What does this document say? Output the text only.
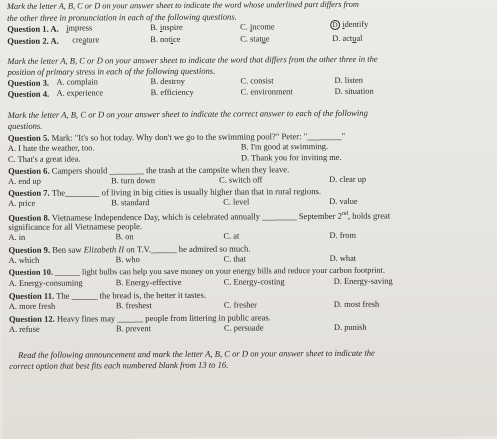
Mark the letter A, B, C or D on your answer sheet to indicate the word whose underlined part differs from
the other three in pronunciation in each of the following questions.
Question 1. A. impress	B. inspire	C. income	D identify
Question 2. A. creature	B. notice	C. statue	D. actual
Mark the letter A, B, C or D on your answer sheet to indicate the word that differs from the other three in the
position of primary stress in each of the following questions.
Question 3. A. complain	B. destroy	C. consist	D. listen
Question 4. A. experience	B. efficiency	C. environment	D. situation
Mark the letter A, B, C or D on your answer sheet to indicate the correct answer to each of the following
questions.
Question 5. Mark: "It's so hot today. Why don't we go to the swimming pool?" Peter: "________"
A. I hate the weather, too.	B. I'm good at swimming.
C. That's a great idea.	D. Thank you for inviting me.
Question 6. Campers should ________ the trash at the campsite when they leave.
A. end up	B. turn down	C. switch off	D. clear up
Question 7. The________ of living in big cities is usually higher than that in rural regions.
A. price	B. standard	C. level	D. value
Question 8. Vietnamese Independence Day, which is celebrated annually ________ September 2nd, holds great
significance for all Vietnamese people.
A. in	B. on	C. at	D. from
Question 9. Ben saw Elizabeth II on T.V.______ he admired so much.
A. which	B. who	C. that	D. what
Question 10. ______ light bulbs can help you save money on your energy bills and reduce your carbon footprint.
A. Energy-consuming	B. Energy-effective	C. Energy-costing	D. Energy-saving
Question 11. The ______ the bread is, the better it tastes.
A. more fresh	B. freshest	C. fresher	D. most fresh
Question 12. Heavy fines may ______ people from littering in public areas.
A. refuse	B. prevent	C. persuade	D. punish
Read the following announcement and mark the letter A, B, C or D on your answer sheet to indicate the
correct option that best fits each numbered blank from 13 to 16.
